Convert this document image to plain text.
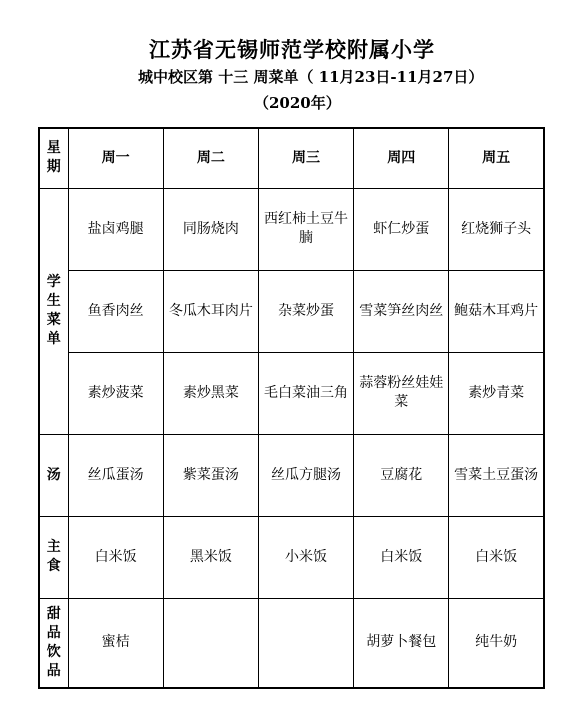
江苏省无锡师范学校附属小学
城中校区第 十三 周菜单（ 11月23日-11月27日）
（2020年）
星期	周一	周二	周三	周四	周五

学生菜单	盐卤鸡腿	同肠烧肉	西红柿土豆牛腩	虾仁炒蛋	红烧狮子头
	鱼香肉丝	冬瓜木耳肉片	杂菜炒蛋	雪菜笋丝肉丝	鲍菇木耳鸡片
	素炒菠菜	素炒黑菜	毛白菜油三角	蒜蓉粉丝娃娃菜	素炒青菜

汤	丝瓜蛋汤	紫菜蛋汤	丝瓜方腿汤	豆腐花	雪菜土豆蛋汤

主食	白米饭	黑米饭	小米饭	白米饭	白米饭

甜品饮品	蜜桔			胡萝卜餐包	纯牛奶
